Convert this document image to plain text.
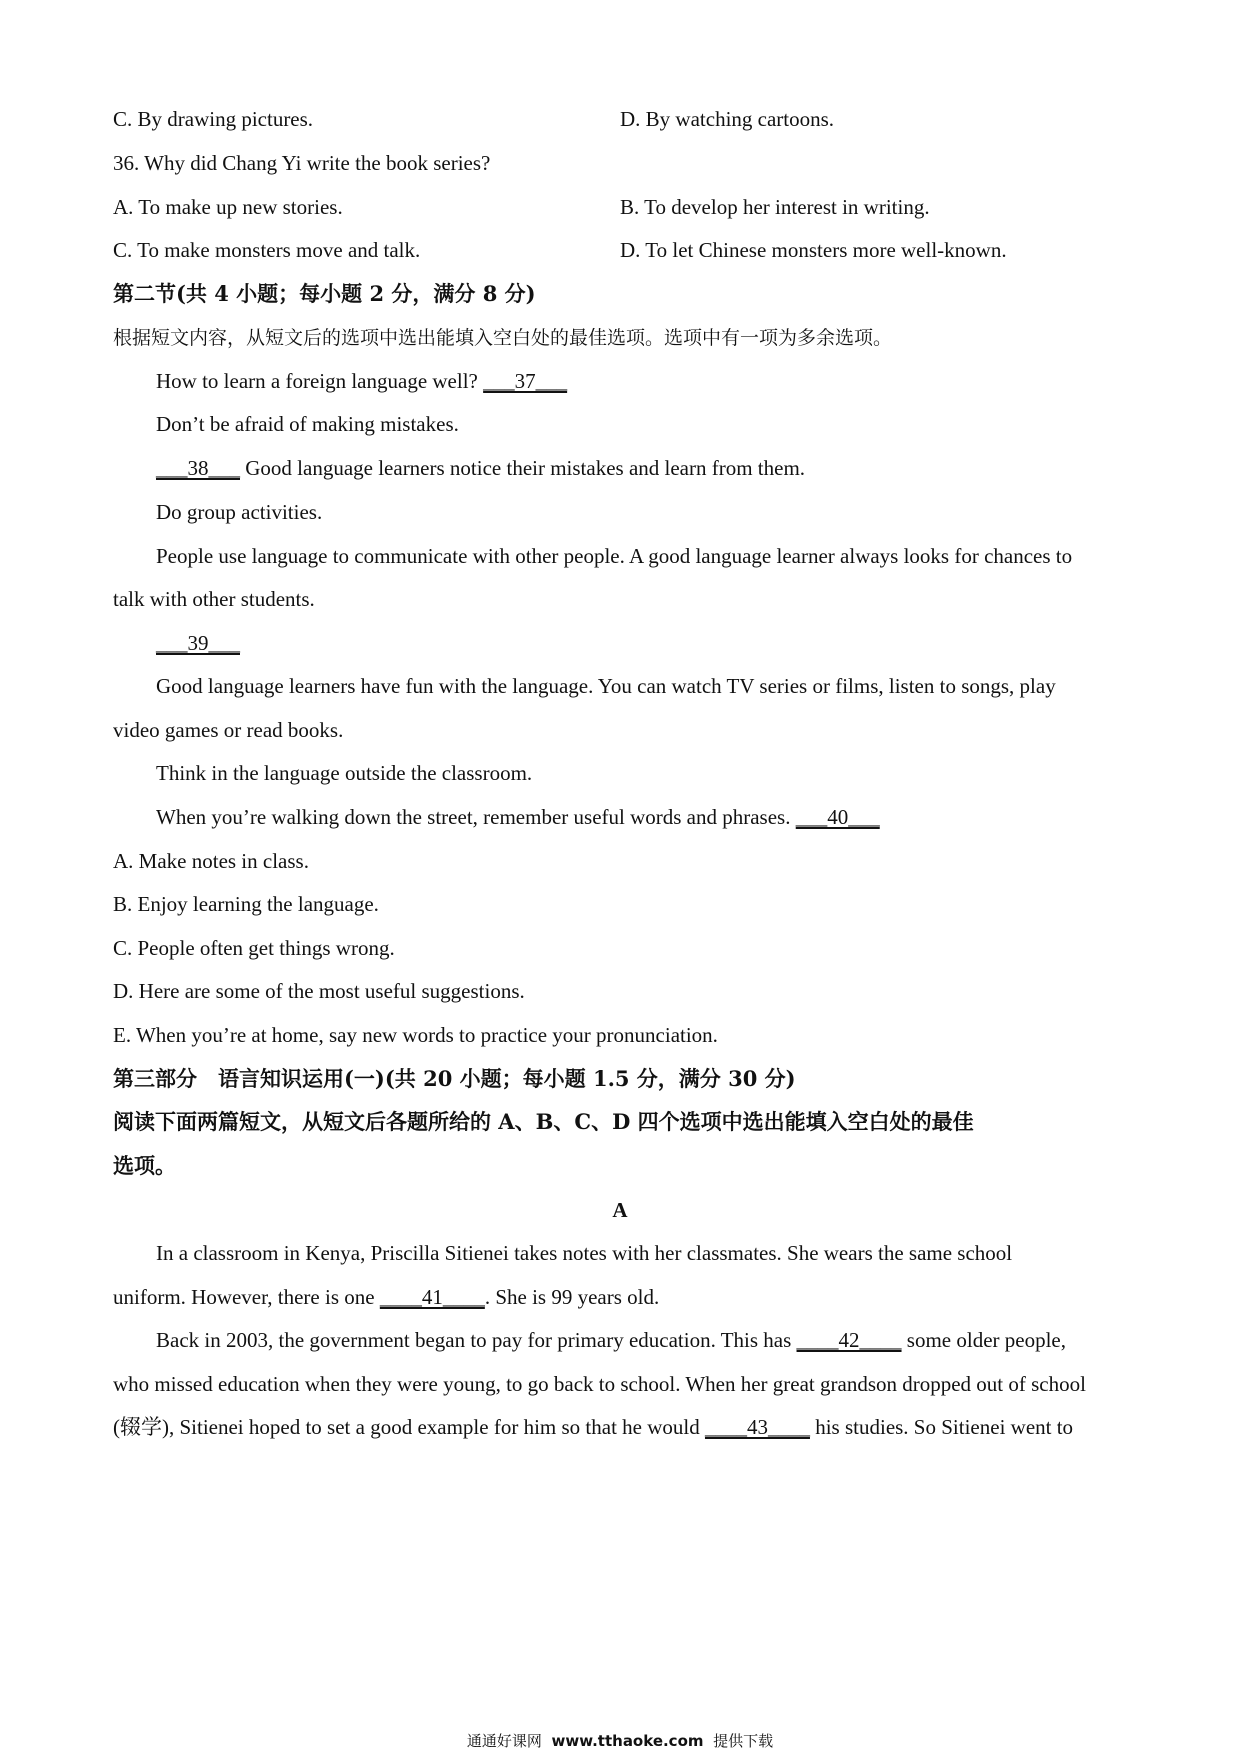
C. By drawing pictures.	D. By watching cartoons.
36. Why did Chang Yi write the book series?
A. To make up new stories.	B. To develop her interest in writing.
C. To make monsters move and talk.	D. To let Chinese monsters more well-known.
第二节(共 4 小题；每小题 2 分，满分 8 分)
根据短文内容，从短文后的选项中选出能填入空白处的最佳选项。选项中有一项为多余选项。
How to learn a foreign language well? ___37___
Don’t be afraid of making mistakes.
___38___ Good language learners notice their mistakes and learn from them.
Do group activities.
People use language to communicate with other people. A good language learner always looks for chances to
talk with other students.
___39___
Good language learners have fun with the language. You can watch TV series or films, listen to songs, play
video games or read books.
Think in the language outside the classroom.
When you’re walking down the street, remember useful words and phrases. ___40___
A. Make notes in class.
B. Enjoy learning the language.
C. People often get things wrong.
D. Here are some of the most useful suggestions.
E. When you’re at home, say new words to practice your pronunciation.
第三部分　语言知识运用(一)(共 20 小题；每小题 1.5 分，满分 30 分)
阅读下面两篇短文，从短文后各题所给的 A、B、C、D 四个选项中选出能填入空白处的最佳
选项。
A
In a classroom in Kenya, Priscilla Sitienei takes notes with her classmates. She wears the same school
uniform. However, there is one ____41____. She is 99 years old.
Back in 2003, the government began to pay for primary education. This has ____42____ some older people,
who missed education when they were young, to go back to school. When her great grandson dropped out of school
(辍学), Sitienei hoped to set a good example for him so that he would ____43____ his studies. So Sitienei went to
通通好课网 www.tthaoke.com 提供下载
